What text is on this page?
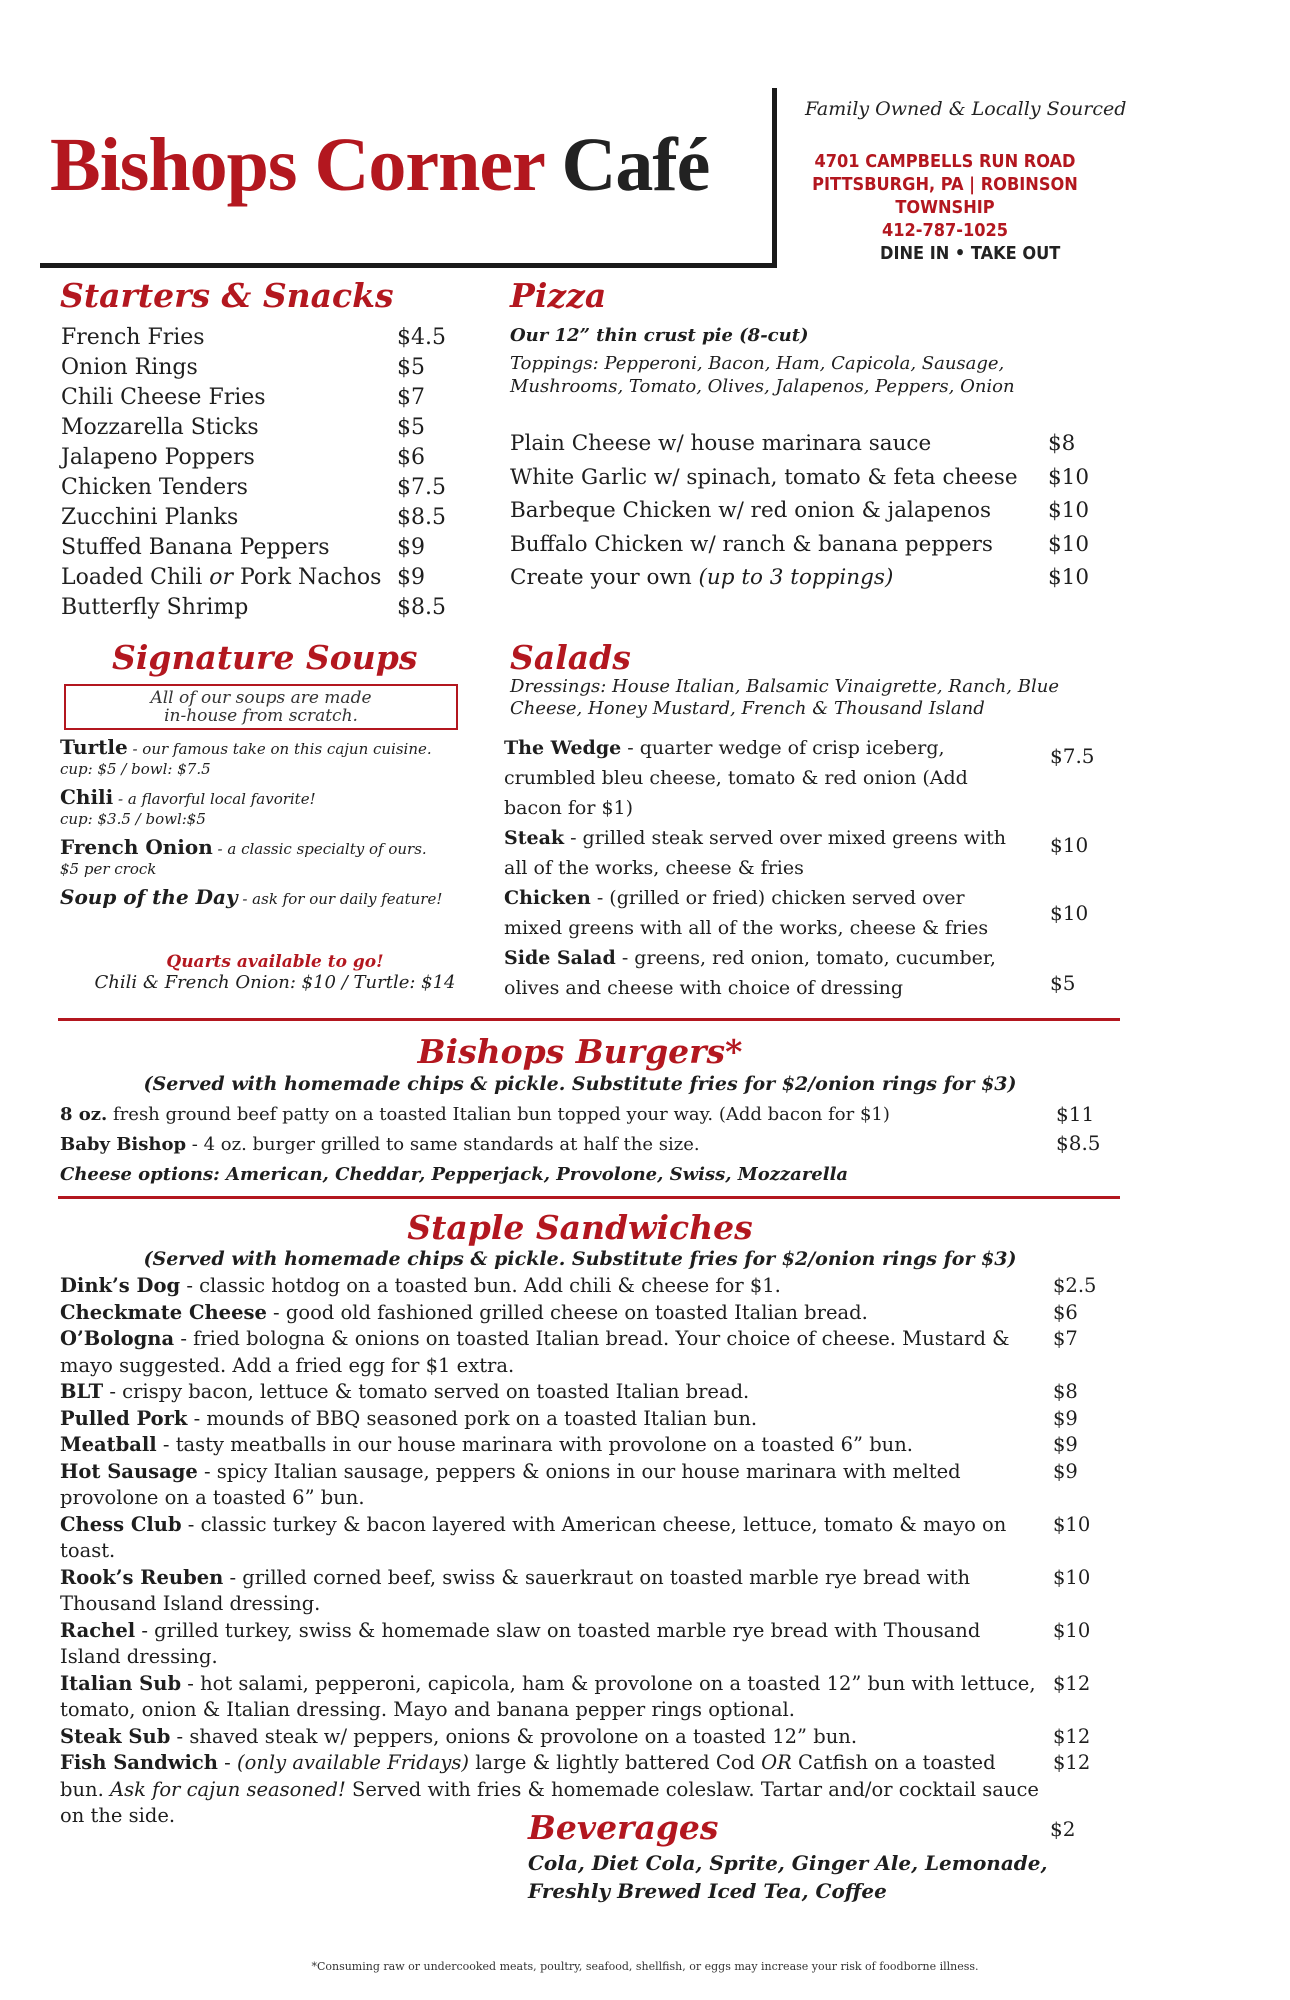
Bishops Corner Café
Family Owned & Locally Sourced
4701 CAMPBELLS RUN ROAD
PITTSBURGH, PA | ROBINSON TOWNSHIP
412-787-1025
DINE IN • TAKE OUT
Starters & Snacks
French Fries	$4.5
Onion Rings	$5
Chili Cheese Fries	$7
Mozzarella Sticks	$5
Jalapeno Poppers	$6
Chicken Tenders	$7.5
Zucchini Planks	$8.5
Stuffed Banana Peppers	$9
Loaded Chili or Pork Nachos $9
Butterfly Shrimp	$8.5
Signature Soups
All of our soups are made
in-house from scratch.
Turtle - our famous take on this cajun cuisine.
cup: $5 / bowl: $7.5
Chili - a flavorful local favorite!
cup: $3.5 / bowl:$5
French Onion - a classic specialty of ours.
$5 per crock
Soup of the Day - ask for our daily feature!
Quarts available to go!
Chili & French Onion: $10 / Turtle: $14
Pizza
Our 12” thin crust pie (8-cut)
Toppings: Pepperoni, Bacon, Ham, Capicola, Sausage, Mushrooms, Tomato, Olives, Jalapenos, Peppers, Onion
Plain Cheese w/ house marinara sauce	$8
White Garlic w/ spinach, tomato & feta cheese	$10
Barbeque Chicken w/ red onion & jalapenos	$10
Buffalo Chicken w/ ranch & banana peppers	$10
Create your own (up to 3 toppings)	$10
Salads
Dressings: House Italian, Balsamic Vinaigrette, Ranch, Blue Cheese, Honey Mustard, French & Thousand Island
The Wedge - quarter wedge of crisp iceberg, crumbled bleu cheese, tomato & red onion (Add bacon for $1)
$7.5
Steak - grilled steak served over mixed greens with all of the works, cheese & fries
$10
Chicken - (grilled or fried) chicken served over mixed greens with all of the works, cheese & fries
$10
Side Salad - greens, red onion, tomato, cucumber, olives and cheese with choice of dressing	$5
Bishops Burgers*
(Served with homemade chips & pickle. Substitute fries for $2/onion rings for $3)
8 oz. fresh ground beef patty on a toasted Italian bun topped your way. (Add bacon for $1)	$11
Baby Bishop - 4 oz. burger grilled to same standards at half the size.	$8.5
Cheese options: American, Cheddar, Pepperjack, Provolone, Swiss, Mozzarella
Staple Sandwiches
(Served with homemade chips & pickle. Substitute fries for $2/onion rings for $3)
Dink’s Dog - classic hotdog on a toasted bun. Add chili & cheese for $1.	$2.5
Checkmate Cheese - good old fashioned grilled cheese on toasted Italian bread.	$6
O’Bologna - fried bologna & onions on toasted Italian bread. Your choice of cheese. Mustard & mayo suggested. Add a fried egg for $1 extra.
$7
BLT - crispy bacon, lettuce & tomato served on toasted Italian bread.	$8
Pulled Pork - mounds of BBQ seasoned pork on a toasted Italian bun.	$9
Meatball - tasty meatballs in our house marinara with provolone on a toasted 6” bun.	$9
Hot Sausage - spicy Italian sausage, peppers & onions in our house marinara with melted provolone on a toasted 6” bun.
$9
Chess Club - classic turkey & bacon layered with American cheese, lettuce, tomato & mayo on toast.
$10
Rook’s Reuben - grilled corned beef, swiss & sauerkraut on toasted marble rye bread with Thousand Island dressing.
$10
Rachel - grilled turkey, swiss & homemade slaw on toasted marble rye bread with Thousand Island dressing.
$10
Italian Sub - hot salami, pepperoni, capicola, ham & provolone on a toasted 12” bun with lettuce, tomato, onion & Italian dressing. Mayo and banana pepper rings optional.
$12
Steak Sub - shaved steak w/ peppers, onions & provolone on a toasted 12” bun.	$12
Fish Sandwich - (only available Fridays) large & lightly battered Cod OR Catfish on a toasted bun. Ask for cajun seasoned! Served with fries & homemade coleslaw. Tartar and/or cocktail sauce on the side.
$12
Beverages	$2
Cola, Diet Cola, Sprite, Ginger Ale, Lemonade,
Freshly Brewed Iced Tea, Coffee
*Consuming raw or undercooked meats, poultry, seafood, shellfish, or eggs may increase your risk of foodborne illness.
